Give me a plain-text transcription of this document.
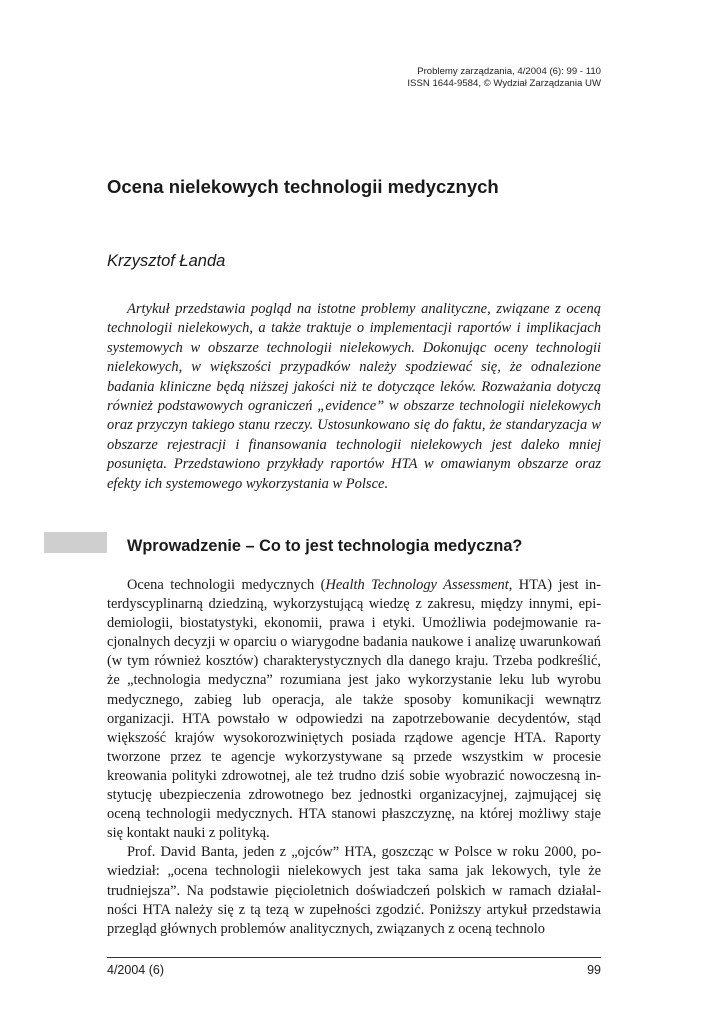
Problemy zarządzania, 4/2004 (6): 99 - 110
ISSN 1644-9584, © Wydział Zarządzania UW
Ocena nielekowych technologii medycznych
Krzysztof Łanda

Artykuł przedstawia pogląd na istotne problemy analityczne, związane z oceną technologii nielekowych, a także traktuje o implementacji raportów i implikacjach systemowych w obszarze technologii nielekowych. Dokonując oceny technologii nielekowych, w większości przypadków należy spodziewać się, że odnalezione badania kliniczne będą niższej jakości niż te dotyczące leków. Rozważania dotyczą również podstawowych ograniczeń „evidence” w obszarze technologii nielekowych oraz przyczyn takiego stanu rzeczy. Ustosunkowano się do faktu, że standaryzacja w obszarze rejestracji i finansowania technologii nielekowych jest daleko mniej posunięta. Przedstawiono przykłady raportów HTA w omawianym obszarze oraz efekty ich systemowego wykorzystania w Polsce.

Wprowadzenie – Co to jest technologia medyczna?

Ocena technologii medycznych (Health Technology Assessment, HTA) jest interdyscyplinarną dziedziną, wykorzystującą wiedzę z zakresu, między innymi, epidemiologii, biostatystyki, ekonomii, prawa i etyki. Umożliwia podejmowanie racjonalnych decyzji w oparciu o wiarygodne badania naukowe i analizę uwarunkowań (w tym również kosztów) charakterystycznych dla danego kraju. Trzeba podkreślić, że „technologia medyczna” rozumiana jest jako wykorzystanie leku lub wyrobu medycznego, zabieg lub operacja, ale także sposoby komunikacji wewnątrz organizacji. HTA powstało w odpowiedzi na zapotrzebowanie decydentów, stąd większość krajów wysokorozwiniętych posiada rządowe agencje HTA. Raporty tworzone przez te agencje wykorzystywane są przede wszystkim w procesie kreowania polityki zdrowotnej, ale też trudno dziś sobie wyobrazić nowoczesną instytucję ubezpieczenia zdrowotnego bez jednostki organizacyjnej, zajmującej się oceną technologii medycznych. HTA stanowi płaszczyznę, na której możliwy staje się kontakt nauki z polityką.

Prof. David Banta, jeden z „ojców” HTA, goszcząc w Polsce w roku 2000, powiedział: „ocena technologii nielekowych jest taka sama jak lekowych, tyle że trudniejsza”. Na podstawie pięcioletnich doświadczeń polskich w ramach działalności HTA należy się z tą tezą w zupełności zgodzić. Poniższy artykuł przedstawia przegląd głównych problemów analitycznych, związanych z oceną technolo

4/2004 (6)	99
